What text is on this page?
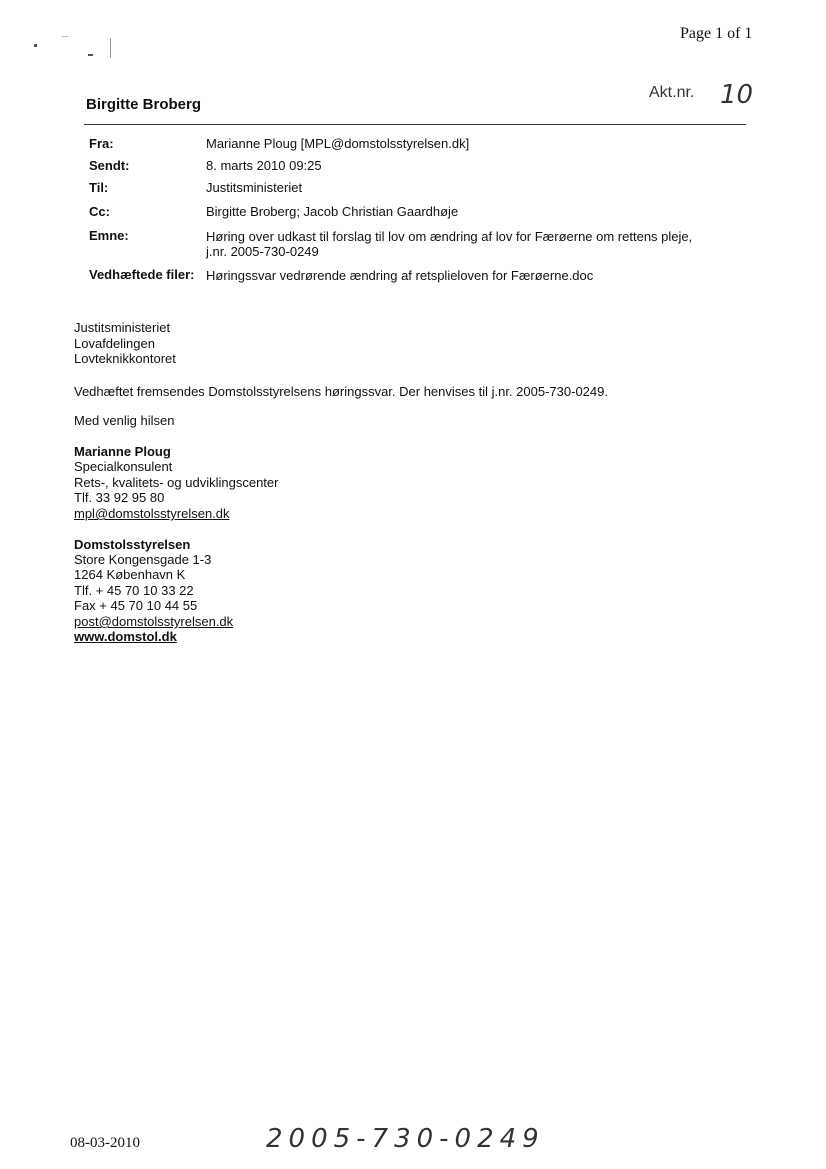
Page 1 of 1
Akt.nr. 10
Birgitte Broberg
Fra:	Marianne Ploug [MPL@domstolsstyrelsen.dk]
Sendt:	8. marts 2010 09:25
Til:	Justitsministeriet
Cc:	Birgitte Broberg; Jacob Christian Gaardhøje
Emne:	Høring over udkast til forslag til lov om ændring af lov for Færøerne om rettens pleje,
j.nr. 2005-730-0249
Vedhæftede filer: Høringssvar vedrørende ændring af retsplieloven for Færøerne.doc
Justitsministeriet
Lovafdelingen
Lovteknikkontoret
Vedhæftet fremsendes Domstolsstyrelsens høringssvar. Der henvises til j.nr. 2005-730-0249.
Med venlig hilsen
Marianne Ploug
Specialkonsulent
Rets-, kvalitets- og udviklingscenter
Tlf. 33 92 95 80
mpl@domstolsstyrelsen.dk
Domstolsstyrelsen
Store Kongensgade 1-3
1264 København K
Tlf. + 45 70 10 33 22
Fax + 45 70 10 44 55
post@domstolsstyrelsen.dk
www.domstol.dk
08-03-2010	2005-730-0249
